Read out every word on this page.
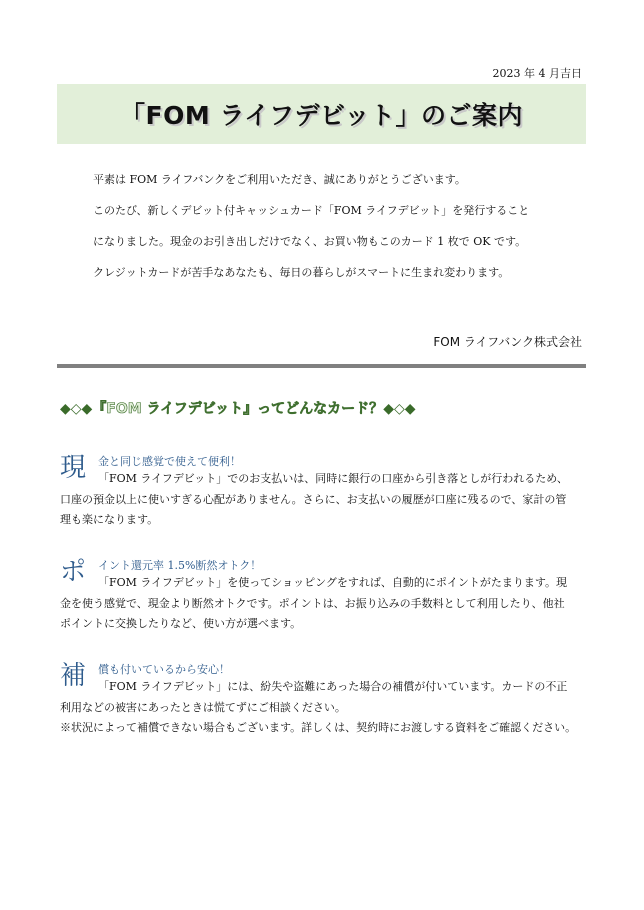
2023 年 4 月吉日
「FOM ライフデビット」のご案内

平素は FOM ライフバンクをご利用いただき、誠にありがとうございます。

このたび、新しくデビット付キャッシュカード「FOM ライフデビット」を発行すること

になりました。現金のお引き出しだけでなく、お買い物もこのカード 1 枚で OK です。

クレジットカードが苦手なあなたも、毎日の暮らしがスマートに生まれ変わります。

FOM ライフバンク株式会社
◆◇◆『FOM ライフデビット』ってどんなカード？◆◇◆
現 金と同じ感覚で使えて便利！
「FOM ライフデビット」でのお支払いは、同時に銀行の口座から引き落としが行われるため、
口座の預金以上に使いすぎる心配がありません。さらに、お支払いの履歴が口座に残るので、家計の管
理も楽になります。
ポ イント還元率 1.5%断然オトク！
「FOM ライフデビット」を使ってショッピングをすれば、自動的にポイントがたまります。現
金を使う感覚で、現金より断然オトクです。ポイントは、お振り込みの手数料として利用したり、他社
ポイントに交換したりなど、使い方が選べます。
補 償も付いているから安心！
「FOM ライフデビット」には、紛失や盗難にあった場合の補償が付いています。カードの不正
利用などの被害にあったときは慌てずにご相談ください。
※状況によって補償できない場合もございます。詳しくは、契約時にお渡しする資料をご確認ください。
